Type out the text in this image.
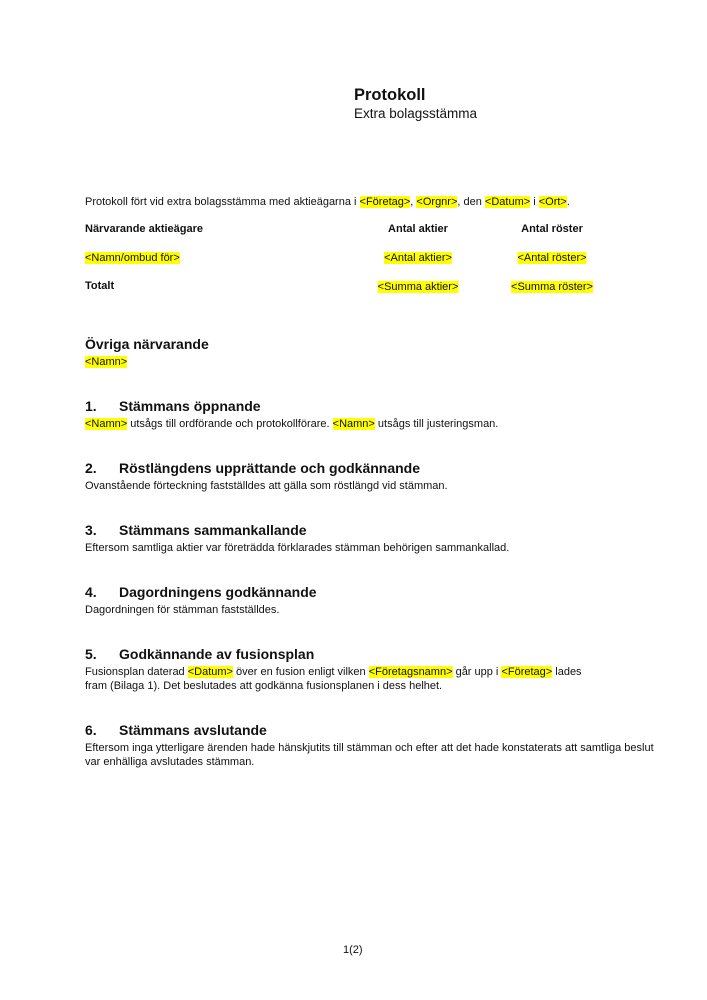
Protokoll
Extra bolagsstämma
Protokoll fört vid extra bolagsstämma med aktieägarna i <Företag>, <Orgnr>, den <Datum> i <Ort>.
Närvarande aktieägare	Antal aktier	Antal röster
<Namn/ombud för>	<Antal aktier>	<Antal röster>
Totalt	<Summa aktier>	<Summa röster>
Övriga närvarande
<Namn>
1. Stämmans öppnande
<Namn> utsågs till ordförande och protokollförare. <Namn> utsågs till justeringsman.
2. Röstlängdens upprättande och godkännande
Ovanstående förteckning fastställdes att gälla som röstlängd vid stämman.
3. Stämmans sammankallande
Eftersom samtliga aktier var företrädda förklarades stämman behörigen sammankallad.
4. Dagordningens godkännande
Dagordningen för stämman fastställdes.
5. Godkännande av fusionsplan
Fusionsplan daterad <Datum> över en fusion enligt vilken <Företagsnamn> går upp i <Företag> lades fram (Bilaga 1). Det beslutades att godkänna fusionsplanen i dess helhet.
6. Stämmans avslutande
Eftersom inga ytterligare ärenden hade hänskjutits till stämman och efter att det hade konstaterats att samtliga beslut var enhälliga avslutades stämman.
1(2)
